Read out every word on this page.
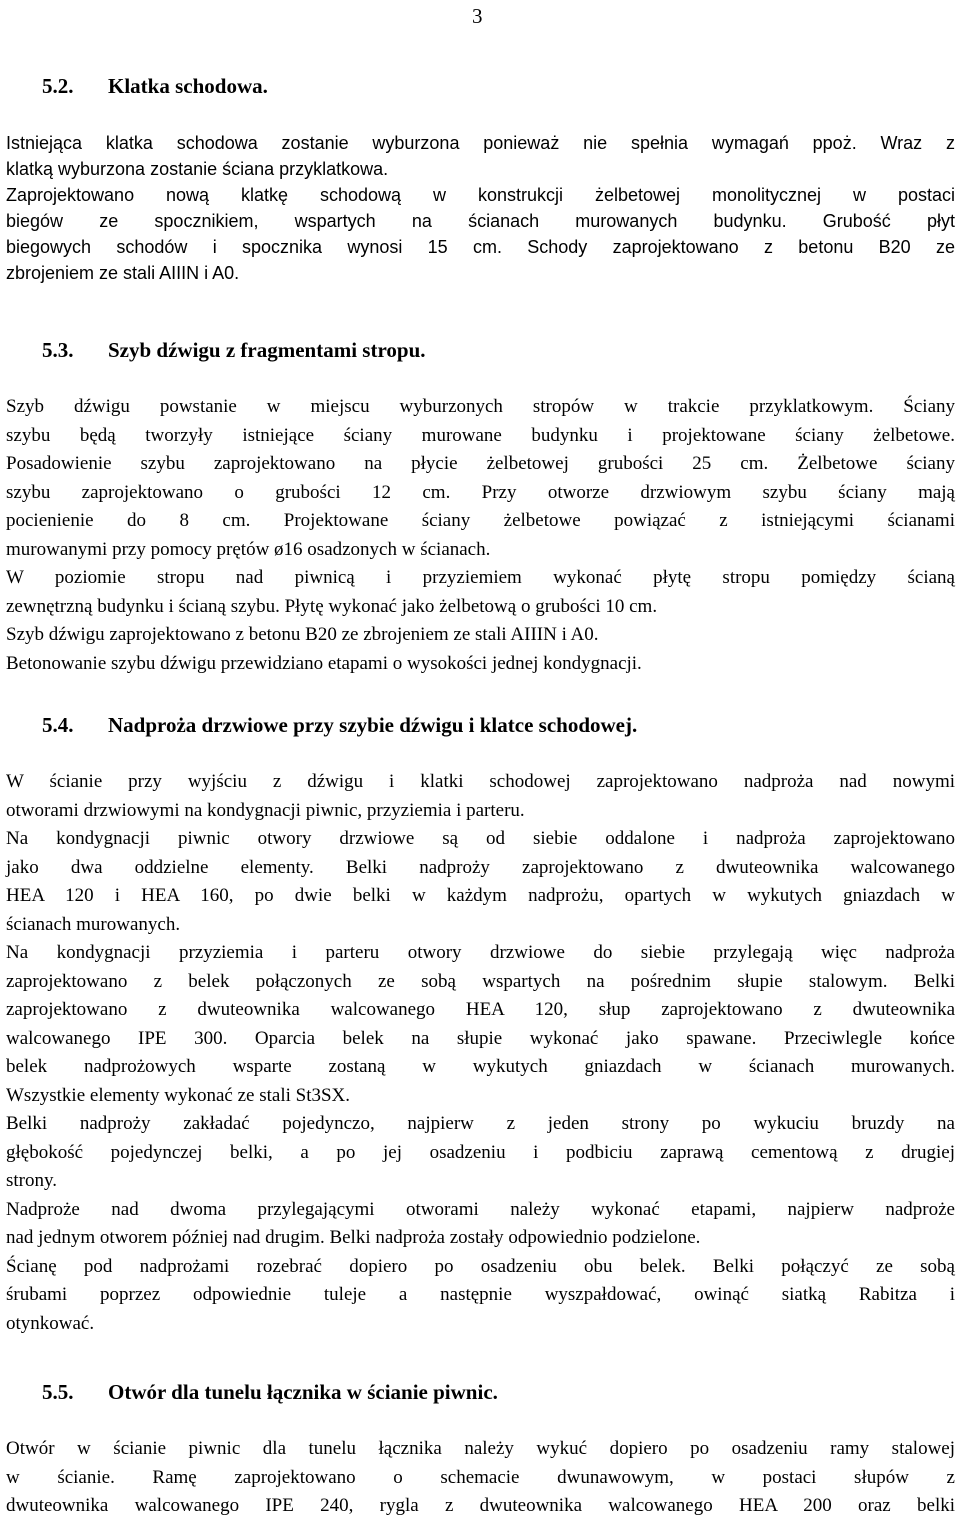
3

5.2. Klatka schodowa.
Istniejąca klatka schodowa zostanie wyburzona ponieważ nie spełnia wymagań ppoż. Wraz z
klatką wyburzona zostanie ściana przyklatkowa.
Zaprojektowano nową klatkę schodową w konstrukcji żelbetowej monolitycznej w postaci
biegów ze spocznikiem, wspartych na ścianach murowanych budynku. Grubość płyt
biegowych schodów i spocznika wynosi 15 cm. Schody zaprojektowano z betonu B20 ze
zbrojeniem ze stali AIIIN i A0.
5.3. Szyb dźwigu z fragmentami stropu.
Szyb dźwigu powstanie w miejscu wyburzonych stropów w trakcie przyklatkowym. Ściany
szybu będą tworzyły istniejące ściany murowane budynku i projektowane ściany żelbetowe.
Posadowienie szybu zaprojektowano na płycie żelbetowej grubości 25 cm. Żelbetowe ściany
szybu zaprojektowano o grubości 12 cm. Przy otworze drzwiowym szybu ściany mają
pocienienie do 8 cm. Projektowane ściany żelbetowe powiązać z istniejącymi ścianami
murowanymi przy pomocy prętów ø16 osadzonych w ścianach.
W poziomie stropu nad piwnicą i przyziemiem wykonać płytę stropu pomiędzy ścianą
zewnętrzną budynku i ścianą szybu. Płytę wykonać jako żelbetową o grubości 10 cm.
Szyb dźwigu zaprojektowano z betonu B20 ze zbrojeniem ze stali AIIIN i A0.
Betonowanie szybu dźwigu przewidziano etapami o wysokości jednej kondygnacji.
5.4. Nadproża drzwiowe przy szybie dźwigu i klatce schodowej.
W ścianie przy wyjściu z dźwigu i klatki schodowej zaprojektowano nadproża nad nowymi
otworami drzwiowymi na kondygnacji piwnic, przyziemia i parteru.
Na kondygnacji piwnic otwory drzwiowe są od siebie oddalone i nadproża zaprojektowano
jako dwa oddzielne elementy. Belki nadproży zaprojektowano z dwuteownika walcowanego
HEA 120 i HEA 160, po dwie belki w każdym nadprożu, opartych w wykutych gniazdach w
ścianach murowanych.
Na kondygnacji przyziemia i parteru otwory drzwiowe do siebie przylegają więc nadproża
zaprojektowano z belek połączonych ze sobą wspartych na pośrednim słupie stalowym. Belki
zaprojektowano z dwuteownika walcowanego HEA 120, słup zaprojektowano z dwuteownika
walcowanego IPE 300. Oparcia belek na słupie wykonać jako spawane. Przeciwlegle końce
belek nadprożowych wsparte zostaną w wykutych gniazdach w ścianach murowanych.
Wszystkie elementy wykonać ze stali St3SX.
Belki nadproży zakładać pojedynczo, najpierw z jeden strony po wykuciu bruzdy na
głębokość pojedynczej belki, a po jej osadzeniu i podbiciu zaprawą cementową z drugiej
strony.
Nadproże nad dwoma przylegającymi otworami należy wykonać etapami, najpierw nadproże
nad jednym otworem później nad drugim. Belki nadproża zostały odpowiednio podzielone.
Ścianę pod nadprożami rozebrać dopiero po osadzeniu obu belek. Belki połączyć ze sobą
śrubami poprzez odpowiednie tuleje a następnie wyszpałdować, owinąć siatką Rabitza i
otynkować.
5.5. Otwór dla tunelu łącznika w ścianie piwnic.
Otwór w ścianie piwnic dla tunelu łącznika należy wykuć dopiero po osadzeniu ramy stalowej
w ścianie. Ramę zaprojektowano o schemacie dwunawowym, w postaci słupów z
dwuteownika walcowanego IPE 240, rygla z dwuteownika walcowanego HEA 200 oraz belki
